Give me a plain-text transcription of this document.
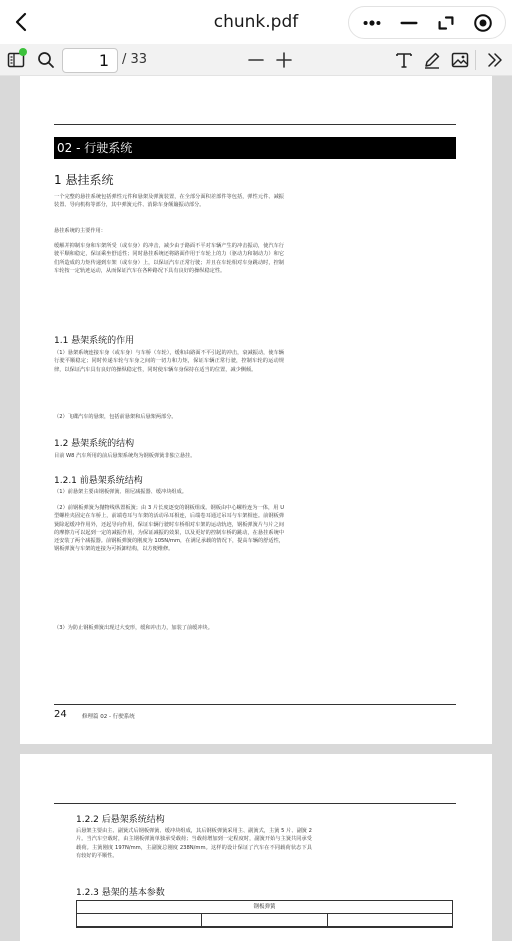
chunk.pdf
1
/ 33
02 - 行驶系统
1 悬挂系统
一个完整的悬挂系统包括弹性元件和悬架及弹簧装置，在全部分面积差部件等包括，弹性元件、减振装置、导向机构等部分，其中弹簧元件、消除车身颠簸振动部分。
悬挂系统的主要作用：
缓解并抑制车身和车架所受（或车身）的冲击，减少由于路面不平对车辆产生的冲击振动，使汽车行驶平顺和稳定，保证乘坐舒适性；同时悬挂系统还将路面作用于车轮上的力（驱动力和制动力）和它们所造成的力矩传递到车架（或车身）上，以保证汽车正常行驶；并且在车轮相对车身跳动时，控制车轮按一定轨迹运动，从而保证汽车在各种路况下具有良好的操纵稳定性。
1.1 悬架系统的作用
（1）悬架系统连接车身（或车身）与车桥（车轮），缓和由路面不平引起的冲击，衰减振动，使车辆行驶平顺稳定；同时传递车轮与车身之间的一切力和力矩，保证车辆正常行驶，控制车轮的运动规律，以保证汽车具有良好的操纵稳定性，同时使车辆车身保持在适当的位置，减少侧倾。
（2）飞碟汽车的悬架，包括前悬架和后悬架两部分。
1.2 悬架系统的结构
目前 W8 汽车所用的前后悬架系统均为钢板弹簧非独立悬挂。
1.2.1 前悬架系统结构
（1）前悬架主要由钢板弹簧、阻尼减振器、缓冲块组成。
（2）前钢板弹簧为抛物线纵置板簧；由 3 片长度逐变的钢板组成。钢板由中心螺栓连为一体，用 U 型螺栓夹固定在车桥上，前端卷耳与车架的活动吊耳相连，后端卷耳通过吊耳与车架相连。前钢板弹簧除起缓冲作用外，还起导向作用，保证车辆行驶时车桥相对车架的运动轨迹，钢板弹簧片与片之间的摩擦力可以起到一定的减振作用，为保证减振的效果，以及更好的控制车桥的跳动，在悬挂系统中还安装了两个减振器。前钢板弹簧的刚度为 105N/mm，在满足承载的情况下，提高车辆的舒适性，钢板弹簧与车架的连接为可拆卸结构，以方便维修。
（3）为防止钢板弹簧出现过大变形，缓和冲击力，加装了前缓冲块。
24	修理篇 02 - 行驶系统
1.2.2 后悬架系统结构
后悬架主要由主、副簧式后钢板弹簧、缓冲块组成，其后钢板弹簧采用主、副簧式，主簧 5 片、副簧 2 片。当汽车空载时，由主钢板弹簧单独承受载荷；当载荷增加到一定程度时，副簧开始与主簧共同承受载荷。主簧刚度 197N/mm，主副簧总刚度 238N/mm。这样的设计保证了汽车在不同载荷状态下具有较好的平顺性。
1.2.3 悬架的基本参数
钢板弹簧
